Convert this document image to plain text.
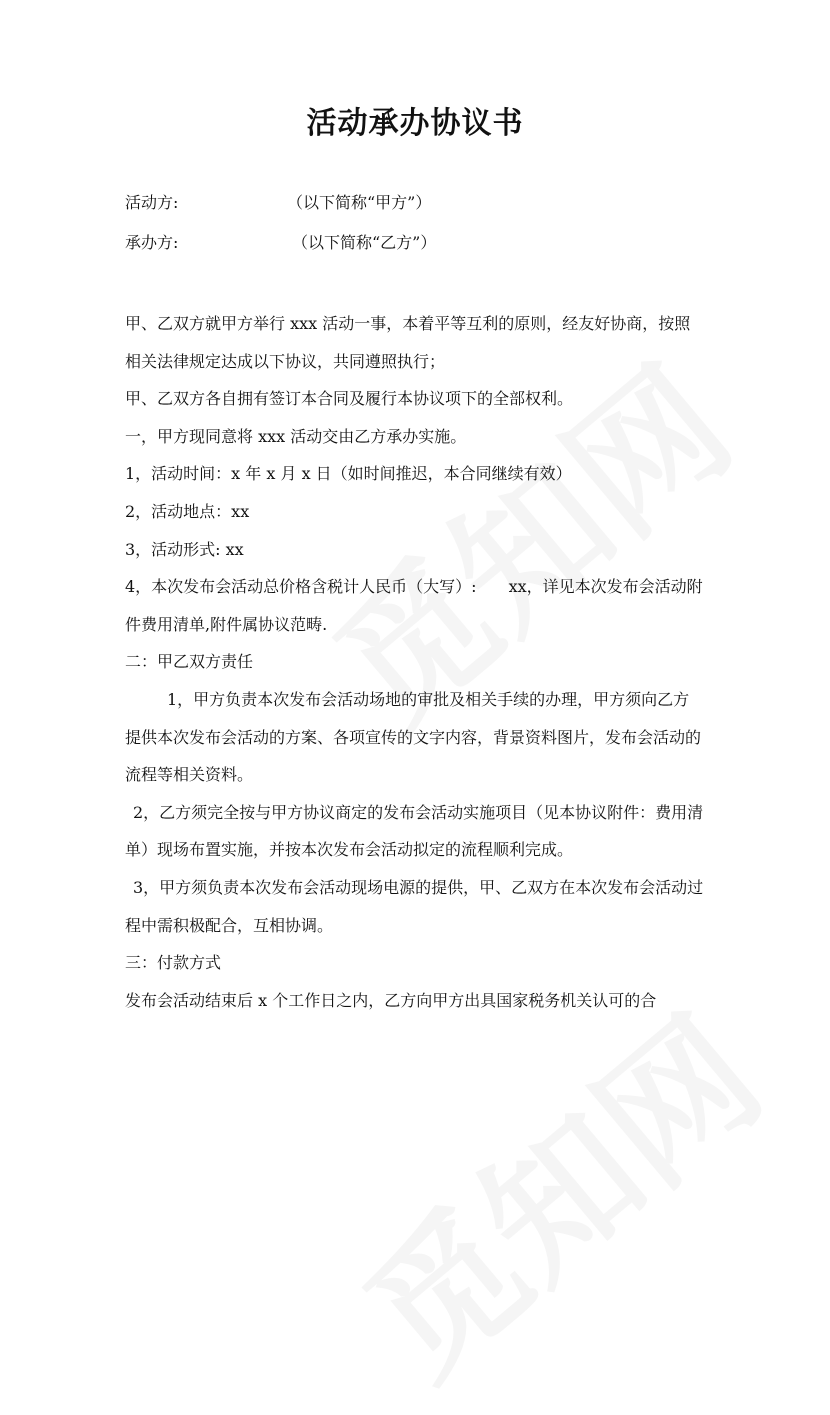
活动承办协议书
活动方:	（以下简称“甲方”）
承办方:	（以下简称“乙方”）

甲、乙双方就甲方举行 xxx 活动一事，本着平等互利的原则，经友好协商，按照相关法律规定达成以下协议，共同遵照执行；

甲、乙双方各自拥有签订本合同及履行本协议项下的全部权利。

一，甲方现同意将 xxx 活动交由乙方承办实施。

1，活动时间：x 年 x 月 x 日（如时间推迟，本合同继续有效）

2，活动地点：xx

3，活动形式: xx

4，本次发布会活动总价格含税计人民币（大写）:　　xx，详见本次发布会活动附件费用清单,附件属协议范畴.

二：甲乙双方责任

1，甲方负责本次发布会活动场地的审批及相关手续的办理，甲方须向乙方提供本次发布会活动的方案、各项宣传的文字内容，背景资料图片，发布会活动的流程等相关资料。

2，乙方须完全按与甲方协议商定的发布会活动实施项目（见本协议附件：费用清单）现场布置实施，并按本次发布会活动拟定的流程顺利完成。

3，甲方须负责本次发布会活动现场电源的提供，甲、乙双方在本次发布会活动过程中需积极配合，互相协调。

三：付款方式

发布会活动结束后 x 个工作日之内，乙方向甲方出具国家税务机关认可的合
